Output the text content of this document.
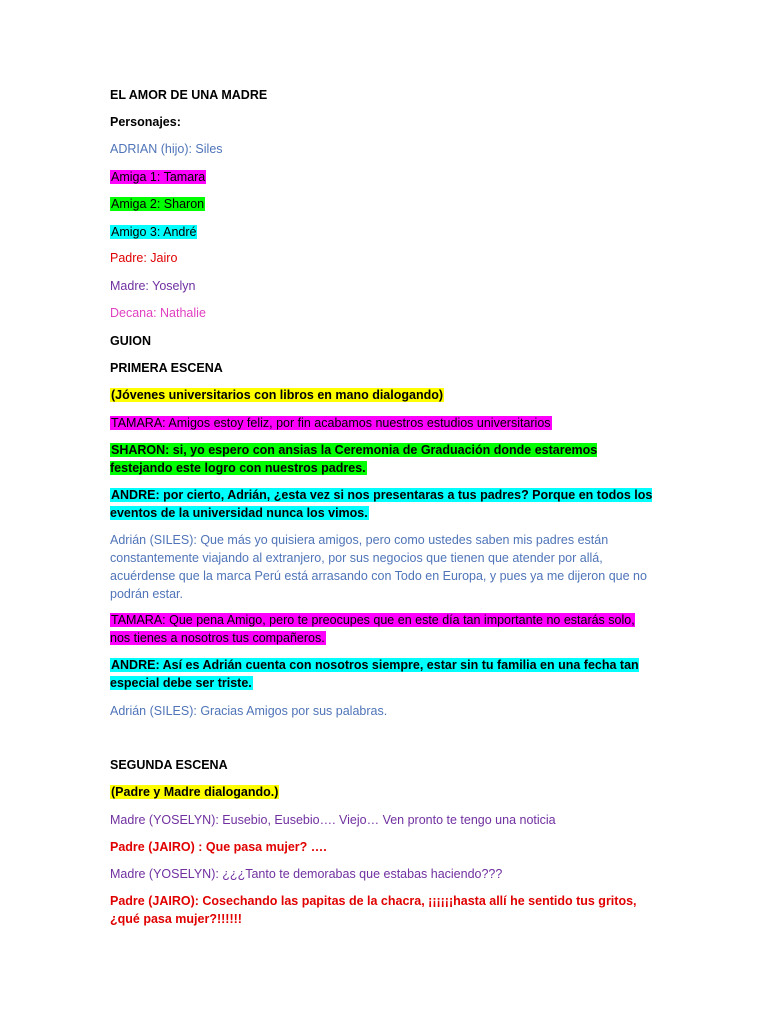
EL AMOR DE UNA MADRE
Personajes:
ADRIAN (hijo): Siles
Amiga 1: Tamara
Amiga 2: Sharon
Amigo 3: André
Padre: Jairo
Madre: Yoselyn
Decana: Nathalie
GUION
PRIMERA ESCENA
(Jóvenes universitarios con libros en mano dialogando)
TAMARA: Amigos estoy feliz, por fin acabamos nuestros estudios universitarios
SHARON: si, yo espero con ansias la Ceremonia de Graduación donde estaremos festejando este logro con nuestros padres.
ANDRE: por cierto, Adrián, ¿esta vez si nos presentaras a tus padres? Porque en todos los eventos de la universidad nunca los vimos.
Adrián (SILES): Que más yo quisiera amigos, pero como ustedes saben mis padres están constantemente viajando al extranjero, por sus negocios que tienen que atender por allá, acuérdense que la marca Perú está arrasando con Todo en Europa, y pues ya me dijeron que no podrán estar.
TAMARA: Que pena Amigo, pero te preocupes que en este día tan importante no estarás solo, nos tienes a nosotros tus compañeros.
ANDRE: Así es Adrián cuenta con nosotros siempre, estar sin tu familia en una fecha tan especial debe ser triste.
Adrián (SILES): Gracias Amigos por sus palabras.
SEGUNDA ESCENA
(Padre y Madre dialogando.)
Madre (YOSELYN): Eusebio, Eusebio…. Viejo… Ven pronto te tengo una noticia
Padre (JAIRO) : Que pasa mujer? ….
Madre (YOSELYN): ¿¿¿Tanto te demorabas que estabas haciendo???
Padre (JAIRO): Cosechando las papitas de la chacra, ¡¡¡¡¡¡hasta allí he sentido tus gritos, ¿qué pasa mujer?!!!!!!
